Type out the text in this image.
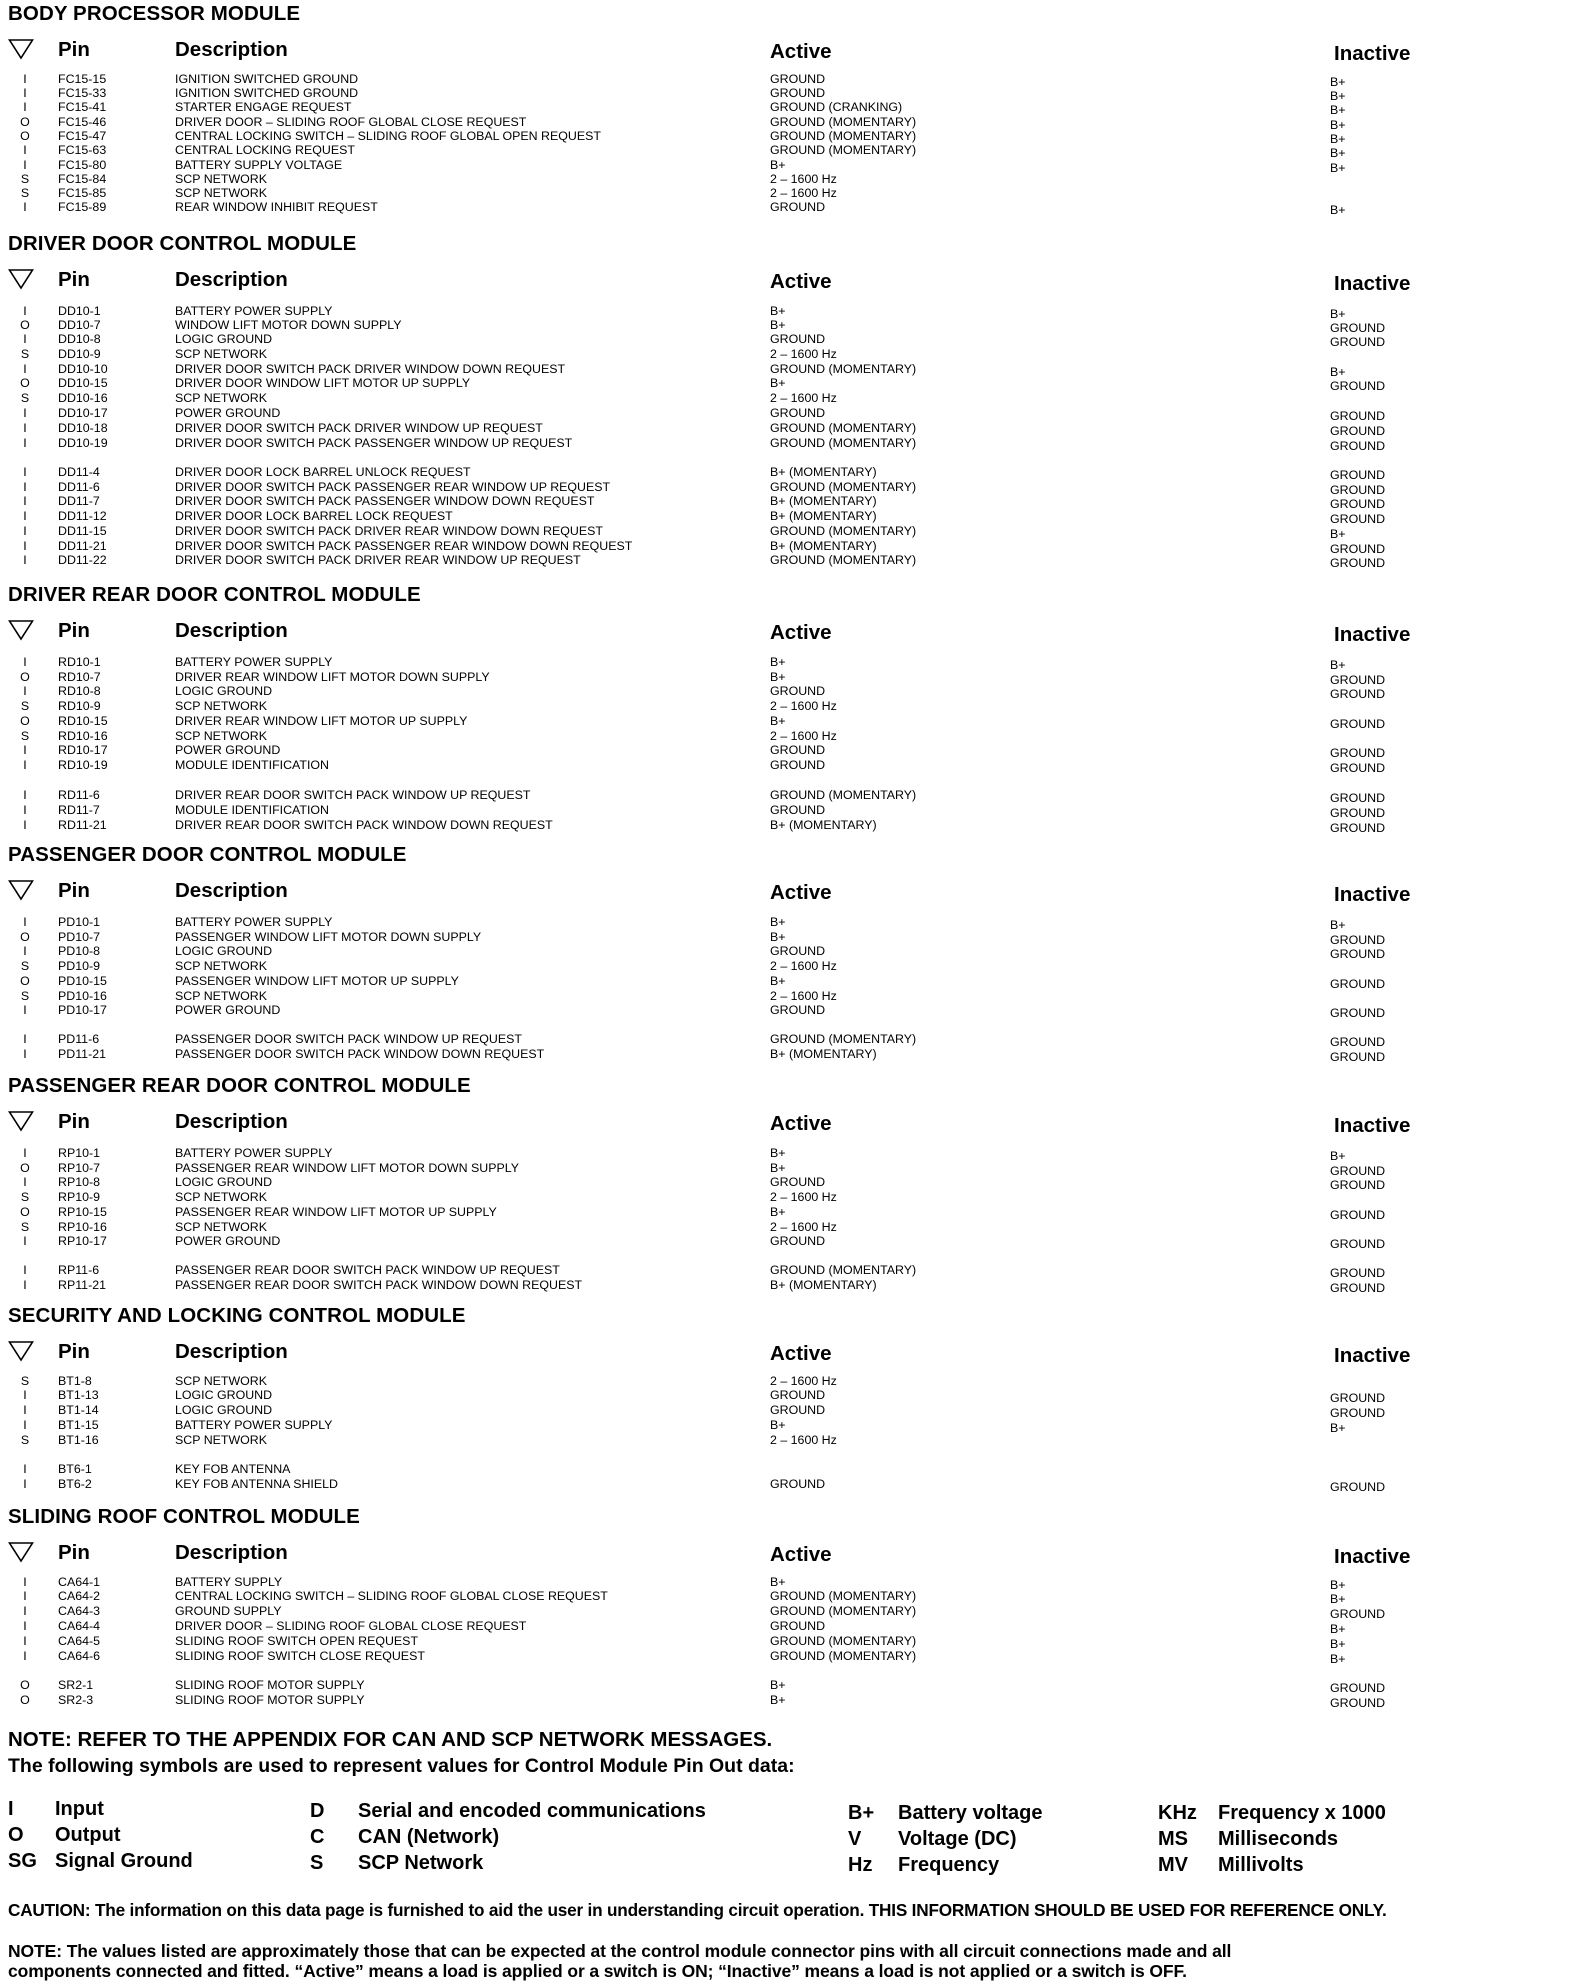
BODY PROCESSOR MODULE
Pin	Description	Active	Inactive
I	FC15-15	IGNITION SWITCHED GROUND	GROUND	B+
I	FC15-33	IGNITION SWITCHED GROUND	GROUND	B+
I	FC15-41	STARTER ENGAGE REQUEST	GROUND (CRANKING)	B+
O FC15-46	DRIVER DOOR – SLIDING ROOF GLOBAL CLOSE REQUEST	GROUND (MOMENTARY)	B+
O FC15-47	CENTRAL LOCKING SWITCH – SLIDING ROOF GLOBAL OPEN REQUEST	GROUND (MOMENTARY)	B+
I	FC15-63	CENTRAL LOCKING REQUEST	GROUND (MOMENTARY)	B+
I	FC15-80	BATTERY SUPPLY VOLTAGE	B+	B+
S FC15-84	SCP NETWORK	2 – 1600 Hz
S FC15-85	SCP NETWORK	2 – 1600 Hz
I	FC15-89	REAR WINDOW INHIBIT REQUEST	GROUND	B+
DRIVER DOOR CONTROL MODULE
Pin	Description	Active	Inactive
I	DD10-1	BATTERY POWER SUPPLY	B+	B+
O DD10-7	WINDOW LIFT MOTOR DOWN SUPPLY	B+	GROUND
I	DD10-8	LOGIC GROUND	GROUND	GROUND
S DD10-9	SCP NETWORK	2 – 1600 Hz
I	DD10-10	DRIVER DOOR SWITCH PACK DRIVER WINDOW DOWN REQUEST	GROUND (MOMENTARY)	B+
O DD10-15	DRIVER DOOR WINDOW LIFT MOTOR UP SUPPLY	B+	GROUND
S DD10-16	SCP NETWORK	2 – 1600 Hz
I	DD10-17	POWER GROUND	GROUND	GROUND
I	DD10-18	DRIVER DOOR SWITCH PACK DRIVER WINDOW UP REQUEST	GROUND (MOMENTARY)	GROUND
I	DD10-19	DRIVER DOOR SWITCH PACK PASSENGER WINDOW UP REQUEST	GROUND (MOMENTARY)	GROUND
I	DD11-4	DRIVER DOOR LOCK BARREL UNLOCK REQUEST	B+ (MOMENTARY)	GROUND
I	DD11-6	DRIVER DOOR SWITCH PACK PASSENGER REAR WINDOW UP REQUEST	GROUND (MOMENTARY)	GROUND
I	DD11-7	DRIVER DOOR SWITCH PACK PASSENGER WINDOW DOWN REQUEST	B+ (MOMENTARY)	GROUND
I	DD11-12	DRIVER DOOR LOCK BARREL LOCK REQUEST	B+ (MOMENTARY)	GROUND
I	DD11-15	DRIVER DOOR SWITCH PACK DRIVER REAR WINDOW DOWN REQUEST	GROUND (MOMENTARY)	B+
I	DD11-21	DRIVER DOOR SWITCH PACK PASSENGER REAR WINDOW DOWN REQUEST	B+ (MOMENTARY)	GROUND
I	DD11-22	DRIVER DOOR SWITCH PACK DRIVER REAR WINDOW UP REQUEST	GROUND (MOMENTARY)	GROUND
DRIVER REAR DOOR CONTROL MODULE
Pin	Description	Active	Inactive
I	RD10-1	BATTERY POWER SUPPLY	B+	B+
O RD10-7	DRIVER REAR WINDOW LIFT MOTOR DOWN SUPPLY	B+	GROUND
I	RD10-8	LOGIC GROUND	GROUND	GROUND
S RD10-9	SCP NETWORK	2 – 1600 Hz
O RD10-15	DRIVER REAR WINDOW LIFT MOTOR UP SUPPLY	B+	GROUND
S RD10-16	SCP NETWORK	2 – 1600 Hz
I	RD10-17	POWER GROUND	GROUND	GROUND
I	RD10-19	MODULE IDENTIFICATION	GROUND	GROUND
I	RD11-6	DRIVER REAR DOOR SWITCH PACK WINDOW UP REQUEST	GROUND (MOMENTARY)	GROUND
I	RD11-7	MODULE IDENTIFICATION	GROUND	GROUND
I	RD11-21	DRIVER REAR DOOR SWITCH PACK WINDOW DOWN REQUEST	B+ (MOMENTARY)	GROUND
PASSENGER DOOR CONTROL MODULE
Pin	Description	Active	Inactive
I	PD10-1	BATTERY POWER SUPPLY	B+	B+
O PD10-7	PASSENGER WINDOW LIFT MOTOR DOWN SUPPLY	B+	GROUND
I	PD10-8	LOGIC GROUND	GROUND	GROUND
S PD10-9	SCP NETWORK	2 – 1600 Hz
O PD10-15	PASSENGER WINDOW LIFT MOTOR UP SUPPLY	B+	GROUND
S PD10-16	SCP NETWORK	2 – 1600 Hz
I	PD10-17	POWER GROUND	GROUND	GROUND
I	PD11-6	PASSENGER DOOR SWITCH PACK WINDOW UP REQUEST	GROUND (MOMENTARY)	GROUND
I	PD11-21	PASSENGER DOOR SWITCH PACK WINDOW DOWN REQUEST	B+ (MOMENTARY)	GROUND
PASSENGER REAR DOOR CONTROL MODULE
Pin	Description	Active	Inactive
I	RP10-1	BATTERY POWER SUPPLY	B+	B+
O RP10-7	PASSENGER REAR WINDOW LIFT MOTOR DOWN SUPPLY	B+	GROUND
I	RP10-8	LOGIC GROUND	GROUND	GROUND
S RP10-9	SCP NETWORK	2 – 1600 Hz
O RP10-15	PASSENGER REAR WINDOW LIFT MOTOR UP SUPPLY	B+	GROUND
S RP10-16	SCP NETWORK	2 – 1600 Hz
I	RP10-17	POWER GROUND	GROUND	GROUND
I	RP11-6	PASSENGER REAR DOOR SWITCH PACK WINDOW UP REQUEST	GROUND (MOMENTARY)	GROUND
I	RP11-21	PASSENGER REAR DOOR SWITCH PACK WINDOW DOWN REQUEST	B+ (MOMENTARY)	GROUND
SECURITY AND LOCKING CONTROL MODULE
Pin	Description	Active	Inactive
S BT1-8	SCP NETWORK	2 – 1600 Hz
I	BT1-13	LOGIC GROUND	GROUND	GROUND
I	BT1-14	LOGIC GROUND	GROUND	GROUND
I	BT1-15	BATTERY POWER SUPPLY	B+	B+
S BT1-16	SCP NETWORK	2 – 1600 Hz
I	BT6-1	KEY FOB ANTENNA
I	BT6-2	KEY FOB ANTENNA SHIELD	GROUND	GROUND
SLIDING ROOF CONTROL MODULE
Pin	Description	Active	Inactive
I	CA64-1	BATTERY SUPPLY	B+	B+
I	CA64-2	CENTRAL LOCKING SWITCH – SLIDING ROOF GLOBAL CLOSE REQUEST	GROUND (MOMENTARY)	B+
I	CA64-3	GROUND SUPPLY	GROUND (MOMENTARY)	GROUND
I	CA64-4	DRIVER DOOR – SLIDING ROOF GLOBAL CLOSE REQUEST	GROUND	B+
I	CA64-5	SLIDING ROOF SWITCH OPEN REQUEST	GROUND (MOMENTARY)	B+
I	CA64-6	SLIDING ROOF SWITCH CLOSE REQUEST	GROUND (MOMENTARY)	B+
O SR2-1	SLIDING ROOF MOTOR SUPPLY	B+	GROUND
O SR2-3	SLIDING ROOF MOTOR SUPPLY	B+	GROUND
NOTE: REFER TO THE APPENDIX FOR CAN AND SCP NETWORK MESSAGES.
The following symbols are used to represent values for Control Module Pin Out data:
I Input
O Output
SG Signal Ground
D Serial and encoded communications
C CAN (Network)
S SCP Network
B+ Battery voltage
V Voltage (DC)
Hz Frequency
KHz Frequency x 1000
MS Milliseconds
MV Millivolts
CAUTION: The information on this data page is furnished to aid the user in understanding circuit operation. THIS INFORMATION SHOULD BE USED FOR REFERENCE ONLY.
NOTE: The values listed are approximately those that can be expected at the control module connector pins with all circuit connections made and all
components connected and fitted. “Active” means a load is applied or a switch is ON; “Inactive” means a load is not applied or a switch is OFF.
